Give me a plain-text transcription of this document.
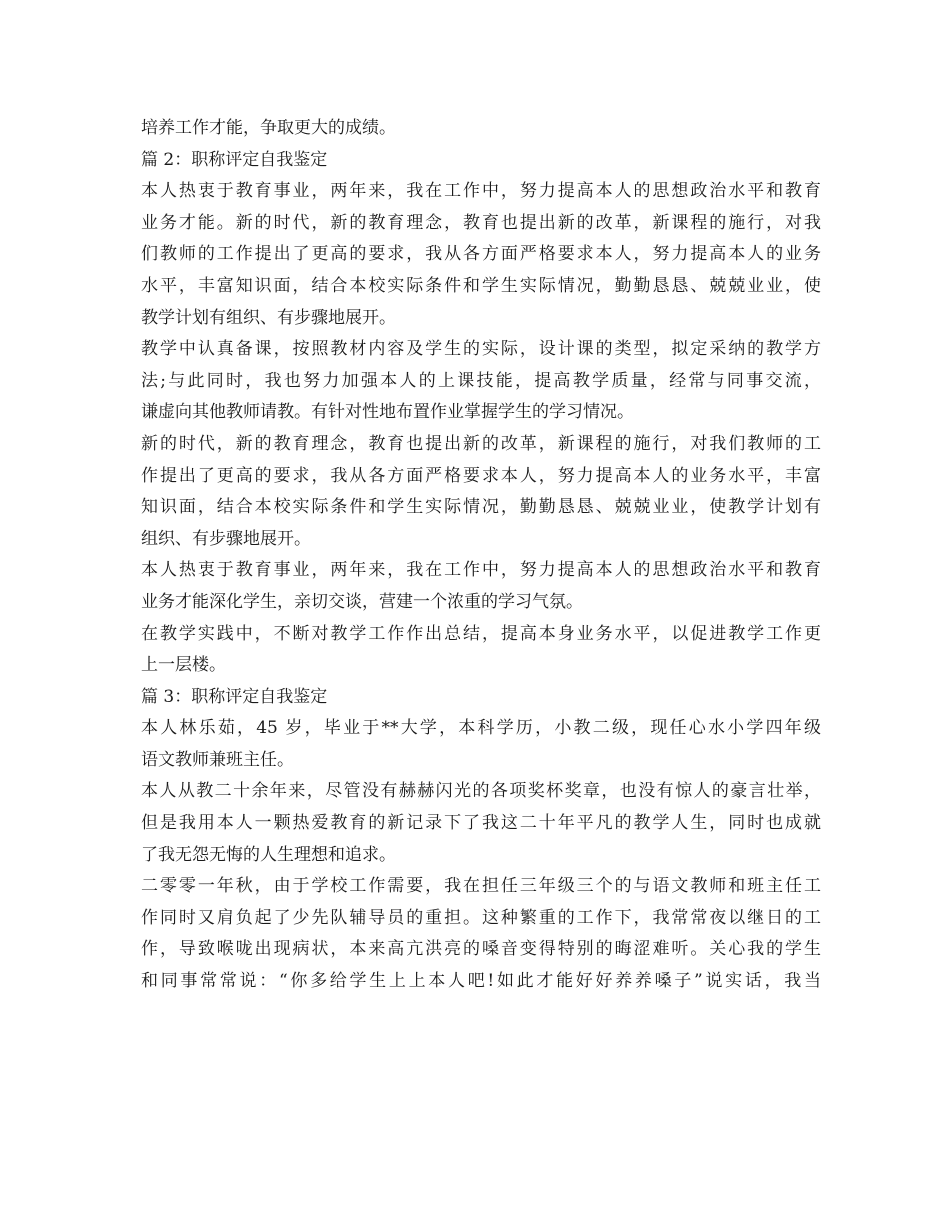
培养工作才能，争取更大的成绩。
篇 2：职称评定自我鉴定
本人热衷于教育事业，两年来，我在工作中，努力提高本人的思想政治水平和教育
业务才能。新的时代，新的教育理念，教育也提出新的改革，新课程的施行，对我
们教师的工作提出了更高的要求，我从各方面严格要求本人，努力提高本人的业务
水平，丰富知识面，结合本校实际条件和学生实际情况，勤勤恳恳、兢兢业业，使
教学计划有组织、有步骤地展开。
教学中认真备课，按照教材内容及学生的实际，设计课的类型，拟定采纳的教学方
法;与此同时，我也努力加强本人的上课技能，提高教学质量，经常与同事交流，
谦虚向其他教师请教。有针对性地布置作业掌握学生的学习情况。
新的时代，新的教育理念，教育也提出新的改革，新课程的施行，对我们教师的工
作提出了更高的要求，我从各方面严格要求本人，努力提高本人的业务水平，丰富
知识面，结合本校实际条件和学生实际情况，勤勤恳恳、兢兢业业，使教学计划有
组织、有步骤地展开。
本人热衷于教育事业，两年来，我在工作中，努力提高本人的思想政治水平和教育
业务才能深化学生，亲切交谈，营建一个浓重的学习气氛。
在教学实践中，不断对教学工作作出总结，提高本身业务水平，以促进教学工作更
上一层楼。
篇 3：职称评定自我鉴定
本人林乐茹，45 岁，毕业于**大学，本科学历，小教二级，现任心水小学四年级
语文教师兼班主任。
本人从教二十余年来，尽管没有赫赫闪光的各项奖杯奖章，也没有惊人的豪言壮举，
但是我用本人一颗热爱教育的新记录下了我这二十年平凡的教学人生，同时也成就
了我无怨无悔的人生理想和追求。
二零零一年秋，由于学校工作需要，我在担任三年级三个的与语文教师和班主任工
作同时又肩负起了少先队辅导员的重担。这种繁重的工作下，我常常夜以继日的工
作，导致喉咙出现病状，本来高亢洪亮的嗓音变得特别的晦涩难听。关心我的学生
和同事常常说：“你多给学生上上本人吧!如此才能好好养养嗓子”说实话，我当
